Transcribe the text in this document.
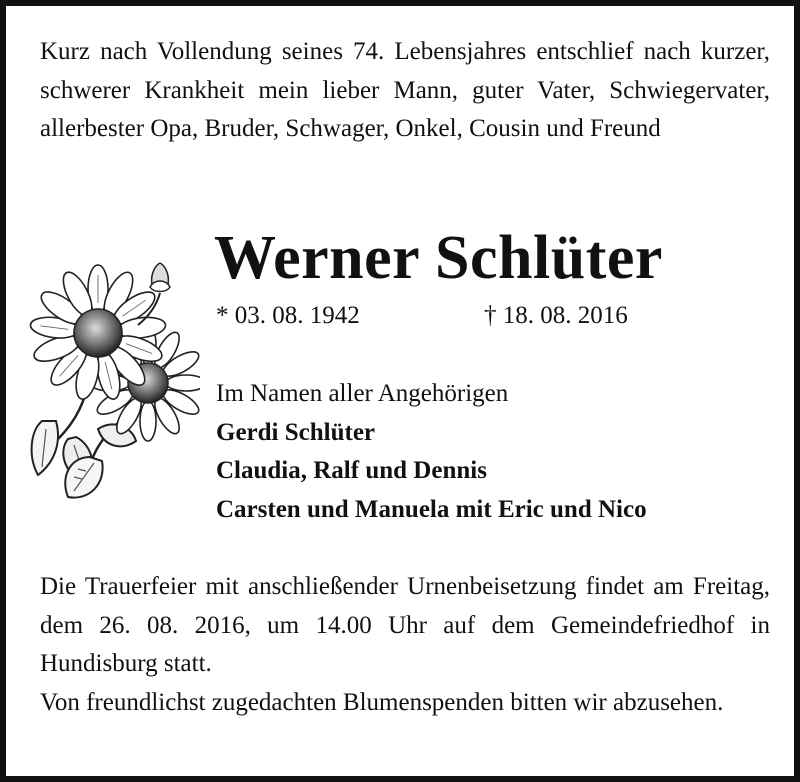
Kurz nach Vollendung seines 74. Lebensjahres entschlief nach kurzer, schwerer Krankheit mein lieber Mann, guter Vater, Schwiegervater, allerbester Opa, Bruder, Schwager, Onkel, Cousin und Freund

Werner Schlüter
* 03. 08. 1942	† 18. 08. 2016
Im Namen aller Angehörigen
Gerdi Schlüter
Claudia, Ralf und Dennis
Carsten und Manuela mit Eric und Nico
Die Trauerfeier mit anschließender Urnenbeisetzung findet am Freitag, dem 26. 08. 2016, um 14.00 Uhr auf dem Gemeindefriedhof in Hundisburg statt.
Von freundlichst zugedachten Blumenspenden bitten wir abzusehen.
